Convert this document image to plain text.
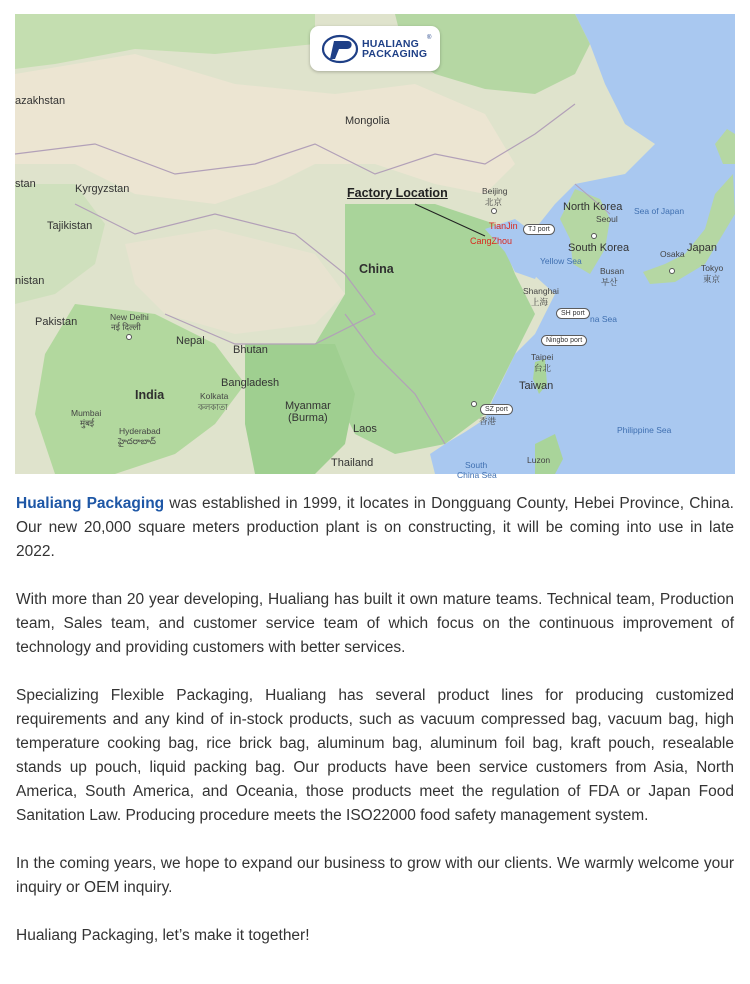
HUALIANG
PACKAGING
®
Factory Location
azakhstan
Mongolia
stan	Kyrgyzstan
Tajikistan
nistan
Pakistan
Nepal
Bhutan
China
India
Bangladesh
Myanmar
(Burma)
Laos
Thailand
North Korea
South Korea	Japan
Taiwan
Beijing
北京
Seoul
Busan
부산
Osaka
Tokyo
東京
Shanghai
上海
Taipei
台北
New Delhi
नई दिल्ली
Kolkata
কলকাতা
Mumbai
मुंबई
Hyderabad
హైదరాబాద్
香港
Luzon
Sea of Japan
Yellow Sea
na Sea
Philippine Sea
South
China Sea
TianJin
CangZhou
TJ port
SH port
Ningbo port
SZ port

Hualiang Packaging was established in 1999, it locates in Dongguang County, Hebei Province, China. Our new 20,000 square meters production plant is on constructing, it will be coming into use in late 2022.

With more than 20 year developing, Hualiang has built it own mature teams. Technical team, Production team, Sales team, and customer service team of which focus on the continuous improvement of technology and providing customers with better services.

Specializing Flexible Packaging, Hualiang has several product lines for producing customized requirements and any kind of in-stock products, such as vacuum compressed bag, vacuum bag, high temperature cooking bag, rice brick bag, aluminum bag, aluminum foil bag, kraft pouch, resealable stands up pouch, liquid packing bag. Our products have been service customers from Asia, North America, South America, and Oceania, those products meet the regulation of FDA or Japan Food Sanitation Law. Producing procedure meets the ISO22000 food safety management system.

In the coming years, we hope to expand our business to grow with our clients. We warmly welcome your inquiry or OEM inquiry.

Hualiang Packaging, let’s make it together!
